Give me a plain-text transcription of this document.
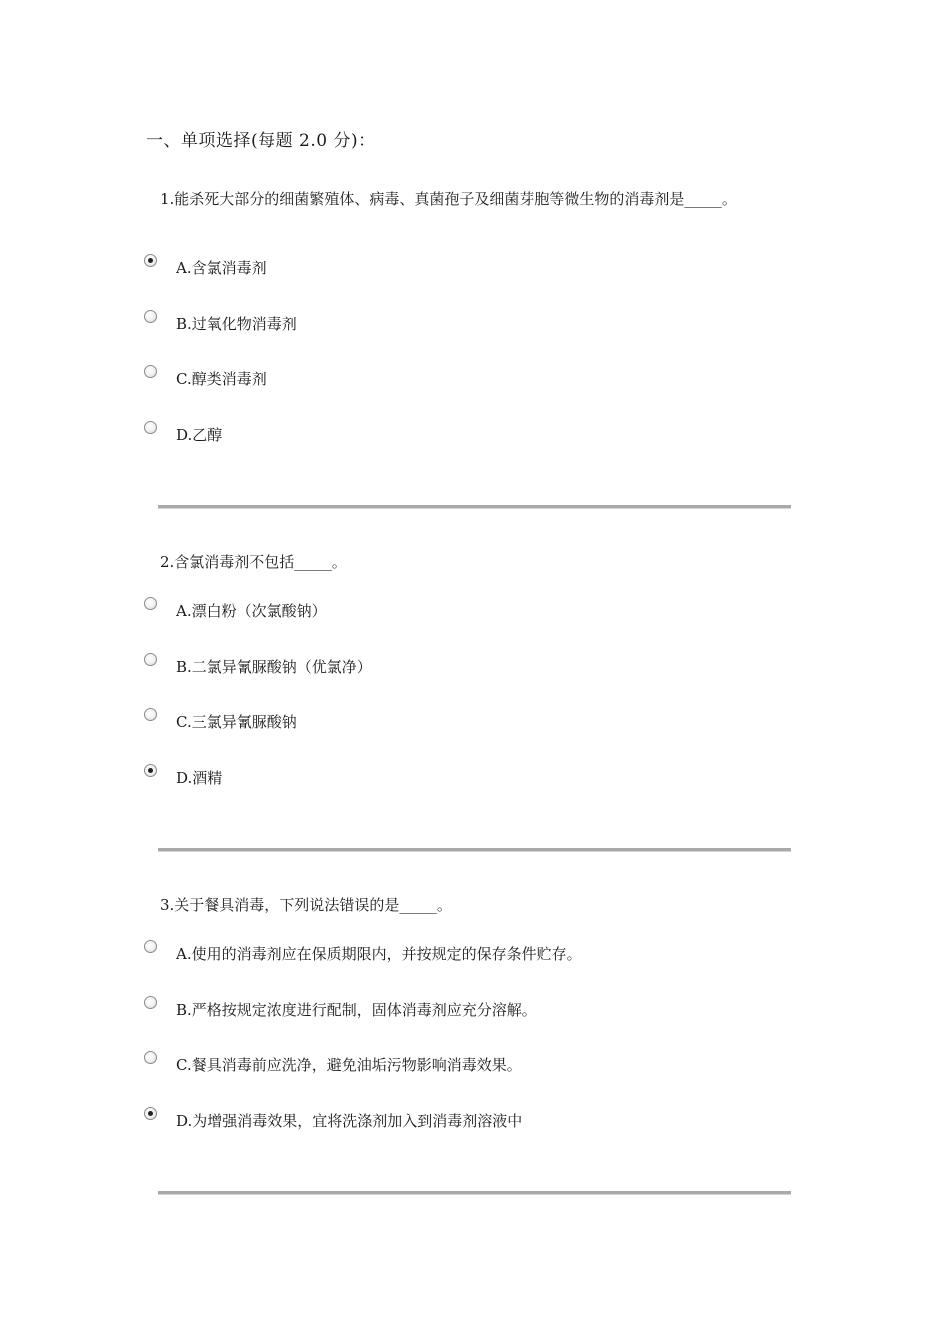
一、单项选择(每题 2.0 分)：
1.能杀死大部分的细菌繁殖体、病毒、真菌孢子及细菌芽胞等微生物的消毒剂是_____。
A.含氯消毒剂
B.过氧化物消毒剂
C.醇类消毒剂
D.乙醇
2.含氯消毒剂不包括_____。
A.漂白粉（次氯酸钠）
B.二氯异氰脲酸钠（优氯净）
C.三氯异氰脲酸钠
D.酒精
3.关于餐具消毒，下列说法错误的是_____。
A.使用的消毒剂应在保质期限内，并按规定的保存条件贮存。
B.严格按规定浓度进行配制，固体消毒剂应充分溶解。
C.餐具消毒前应洗净，避免油垢污物影响消毒效果。
D.为增强消毒效果，宜将洗涤剂加入到消毒剂溶液中
